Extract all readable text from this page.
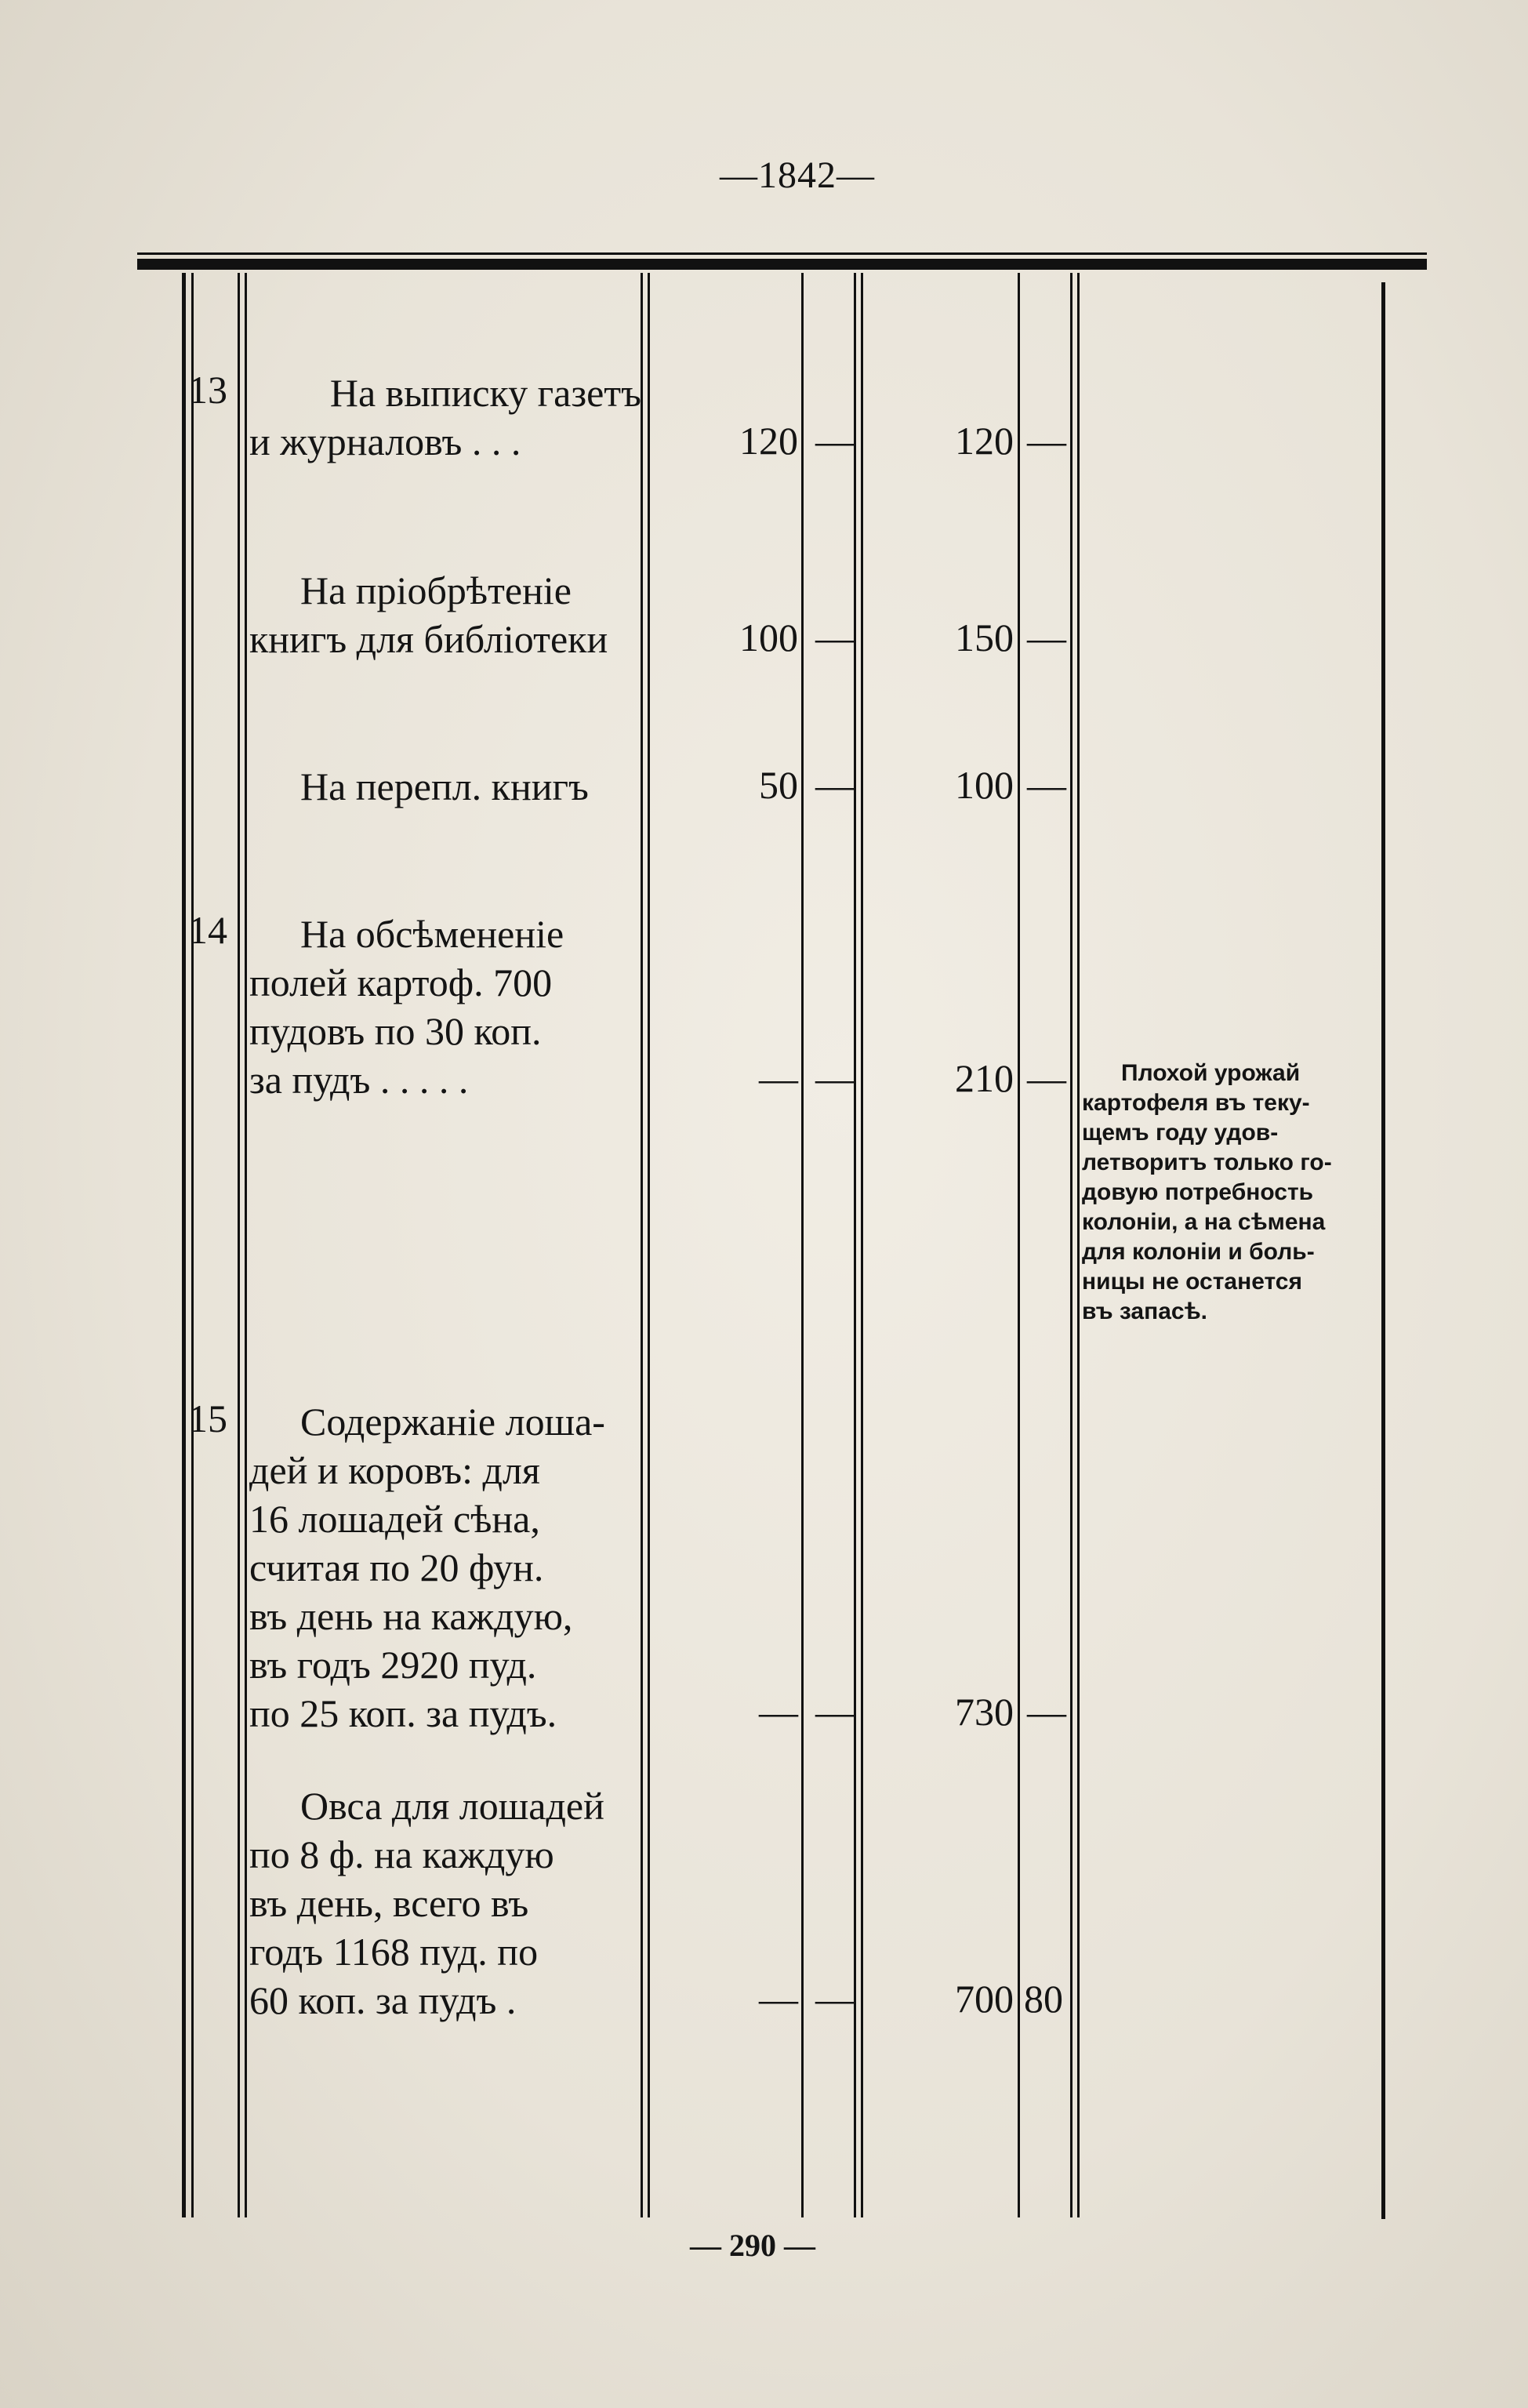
—1842—
13	На выписку газетъ
и журналовъ . . .	120 —	120 —
На пріобрѣтеніе
книгъ для библіотеки	100 —	150 —
На перепл. книгъ	50 —	100 —
14	На обсѣмененіе
полей картоф. 700
пудовъ по 30 коп.
за пудъ . . . . .	— —	210 —	Плохой урожай
картофеля въ теку-
щемъ году удов-
летворитъ только го-
довую потребность
колоніи, а на сѣмена
для колоніи и боль-
ницы не останется
въ запасѣ.
15	Содержаніе лоша-
дей и коровъ: для
16 лошадей сѣна,
считая по 20 фун.
въ день на каждую,
въ годъ 2920 пуд.
по 25 коп. за пудъ.	— —	730 —
Овса для лошадей
по 8 ф. на каждую
въ день, всего въ
годъ 1168 пуд. по
60 коп. за пудъ .	— —	700 80
— 290 —
